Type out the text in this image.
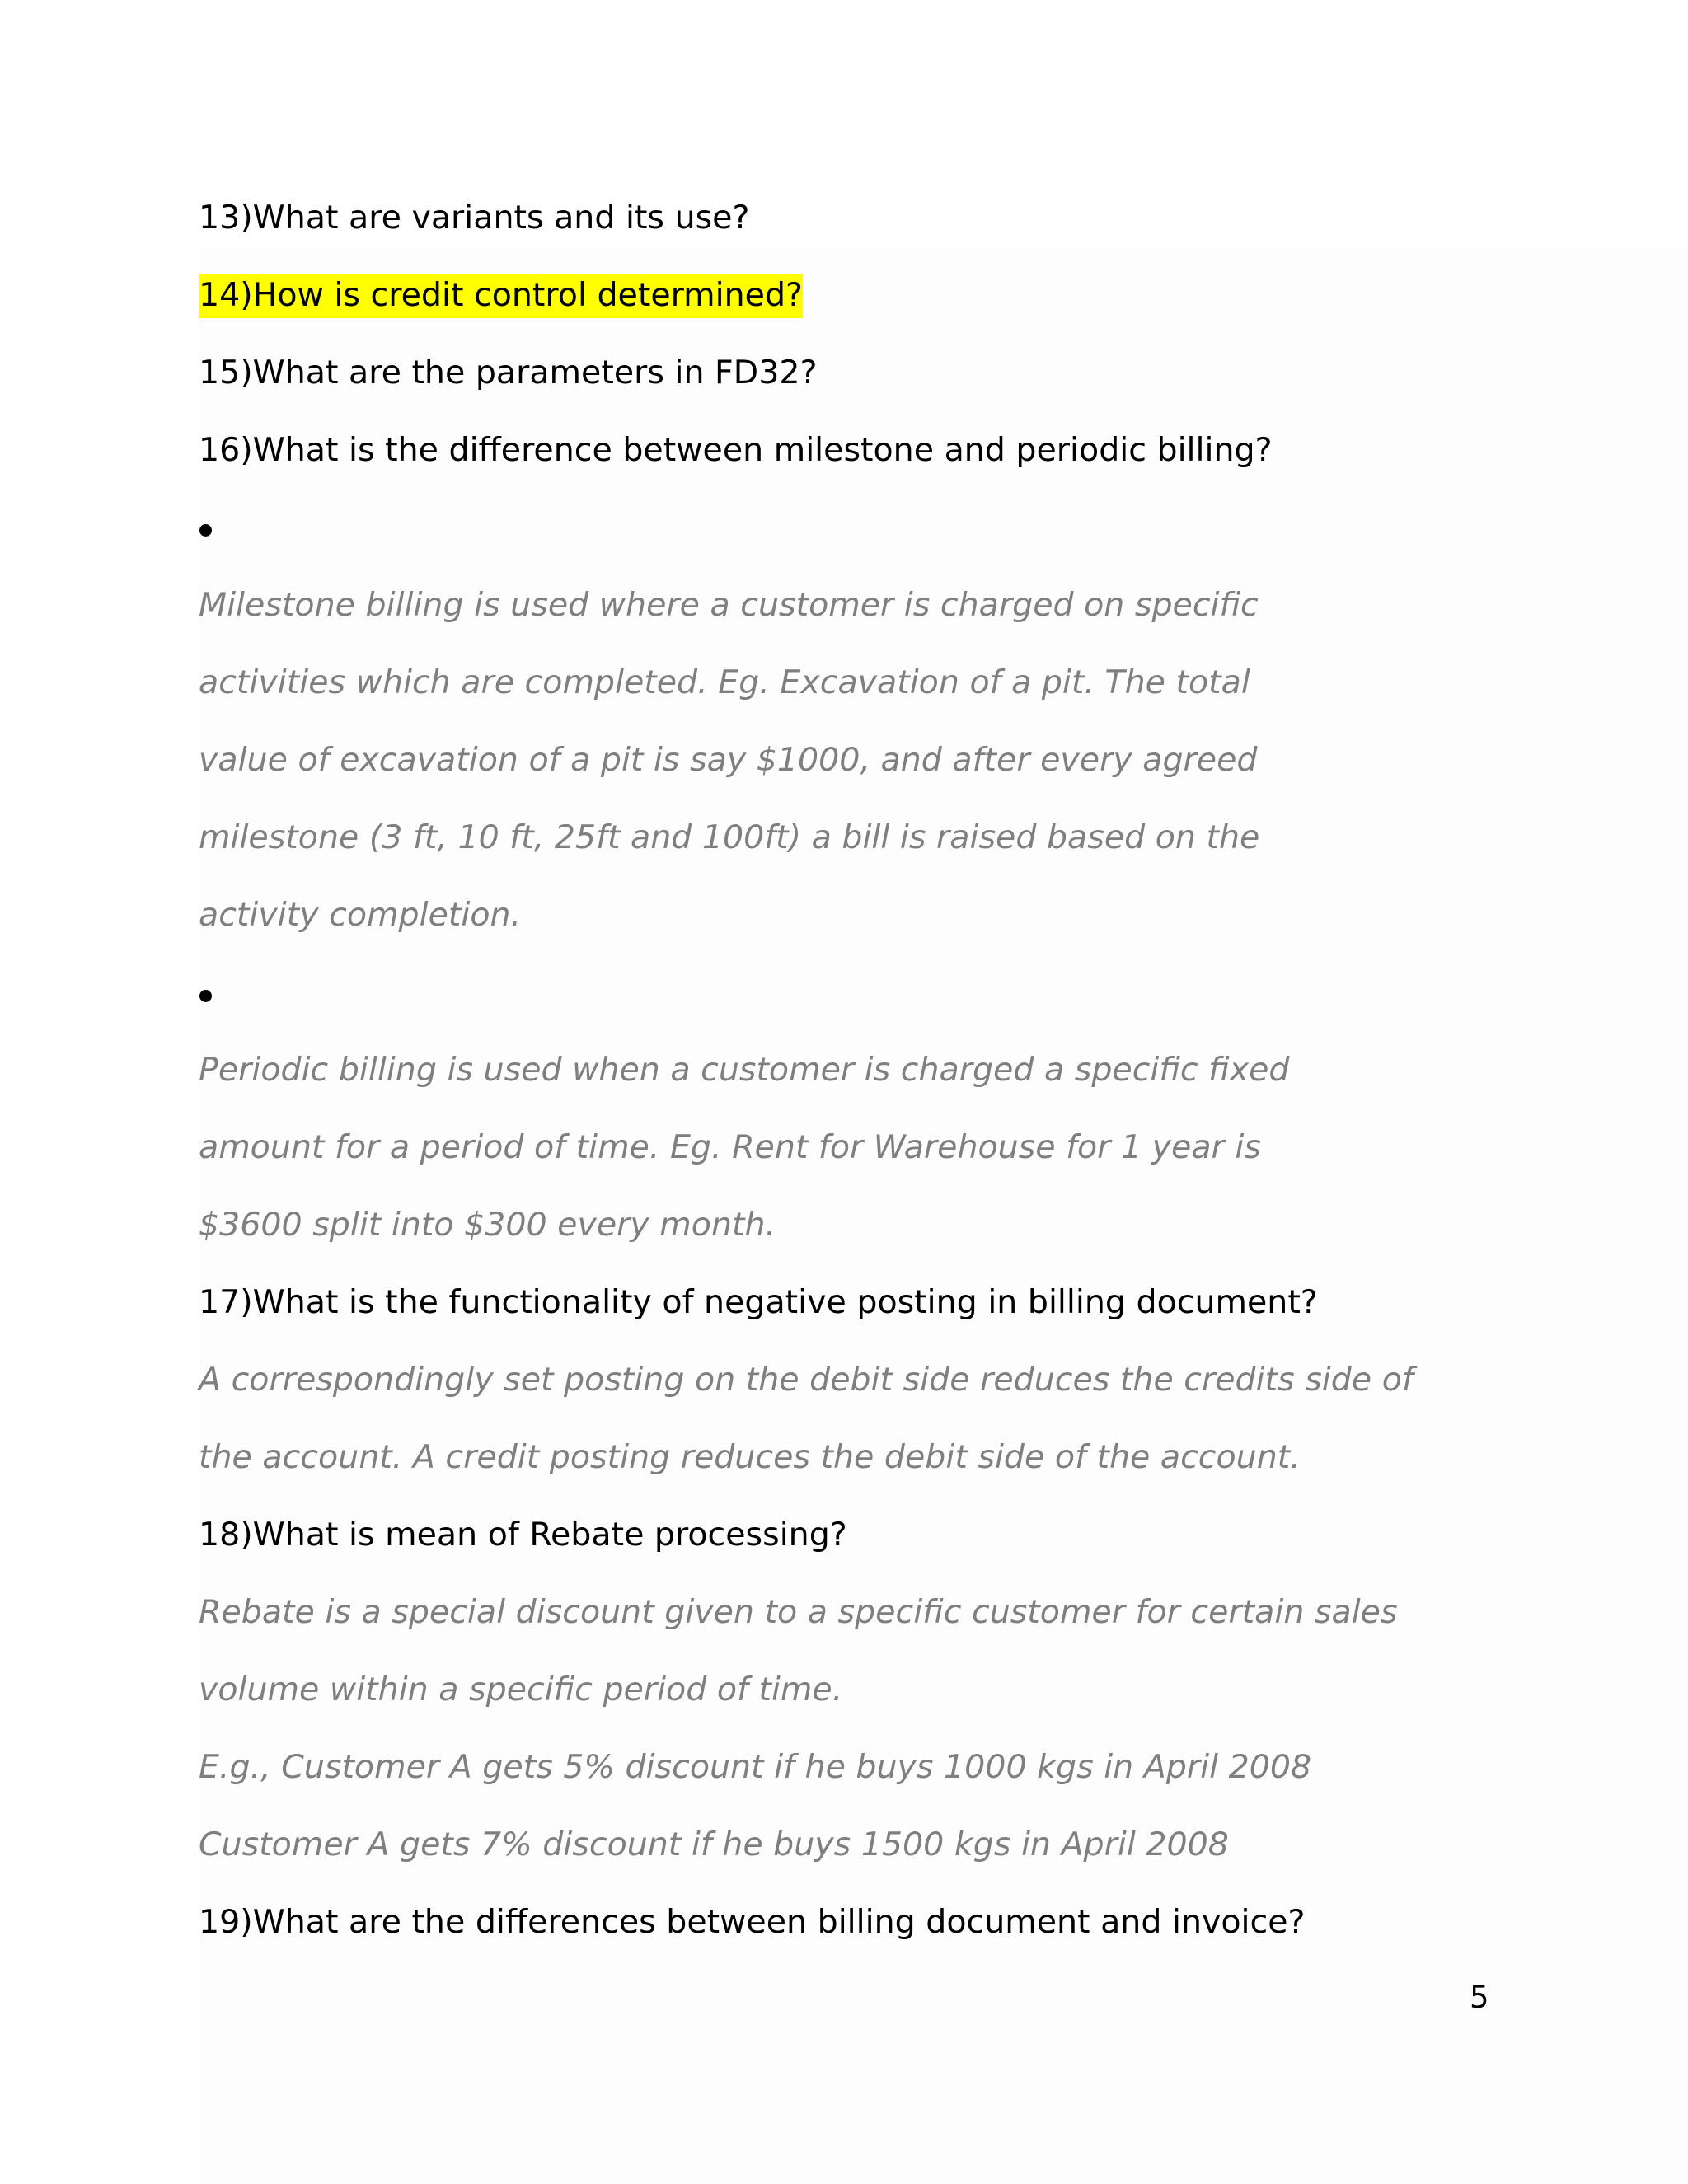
13)What are variants and its use?
14)How is credit control determined?
15)What are the parameters in FD32?
16)What is the difference between milestone and periodic billing?
Milestone billing is used where a customer is charged on specific
activities which are completed. Eg. Excavation of a pit. The total
value of excavation of a pit is say $1000, and after every agreed
milestone (3 ft, 10 ft, 25ft and 100ft) a bill is raised based on the
activity completion.
Periodic billing is used when a customer is charged a specific fixed
amount for a period of time. Eg. Rent for Warehouse for 1 year is
$3600 split into $300 every month.
17)What is the functionality of negative posting in billing document?
A correspondingly set posting on the debit side reduces the credits side of
the account. A credit posting reduces the debit side of the account.
18)What is mean of Rebate processing?
Rebate is a special discount given to a specific customer for certain sales
volume within a specific period of time.
E.g., Customer A gets 5% discount if he buys 1000 kgs in April 2008
Customer A gets 7% discount if he buys 1500 kgs in April 2008
19)What are the differences between billing document and invoice?
5
